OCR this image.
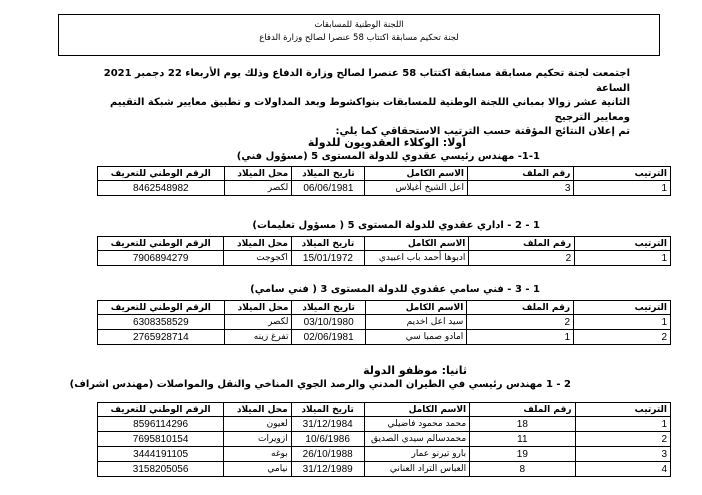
اللجنة الوطنية للمسابقات
لجنة تحكيم مسابقة اكتتاب 58 عنصرا لصالح وزارة الدفاع
اجتمعت لجنة تحكيم مسابقة مسابقة اكتتاب 58 عنصرا لصالح وزارة الدفاع وذلك يوم الأربعاء 22 دجمبر 2021 الساعة
الثانية عشر زوالا بمباني اللجنة الوطنية للمسابقات بنواكشوط وبعد المداولات و تطبيق معايير شبكة التقييم ومعايير الترجيح
تم إعلان النتائج المؤقتة حسب الترتيب الاستحقاقي كما يلي:
اولا: الوكلاء العقدويون للدولة
1-1- مهندس رئيسي عقدوي للدولة المستوى 5 (مسؤول فني)
الترتيب	رقم الملف	الاسم الكامل	تاريخ الميلاد	محل الميلاد	الرقم الوطني للتعريف
1	3	اعل الشيخ أغيلاس	06/06/1981	لكصر	8462548982
1 - 2 - اداري عقدوي للدولة المستوى 5 ( مسؤول تعليمات)
الترتيب	رقم الملف	الاسم الكامل	تاريخ الميلاد	محل الميلاد	الرقم الوطني للتعريف
1	2	ادبوها أحمد باب اعبيدي	15/01/1972	اكجوجت	7906894279
1 - 3 - فني سامي عقدوي للدولة المستوى 3 ( فني سامي)
الترتيب	رقم الملف	الاسم الكامل	تاريخ الميلاد	محل الميلاد	الرقم الوطني للتعريف
1	2	سيد اعل اخديم	03/10/1980	لكصر	6308358529
2	1	امادو صمبا سي	02/06/1981	تفرغ زينه	2765928714
ثانيا: موظفو الدولة
2 - 1 مهندس رئيسي في الطيران المدني والرصد الجوي المناخي والنقل والمواصلات (مهندس اشراف)
الترتيب	رقم الملف	الاسم الكامل	تاريخ الميلاد	محل الميلاد	الرقم الوطني للتعريف
1	18	محمد محمود فاضيلي	31/12/1984	لعيون	8596114296
2	11	محمدسالم سيدي الصديق	10/6/1986	ازويرات	7695810154
3	19	بارو تيرنو عمار	26/10/1988	بوغه	3444191105
4	8	العباس التراد العناني	31/12/1989	نيامي	3158205056
